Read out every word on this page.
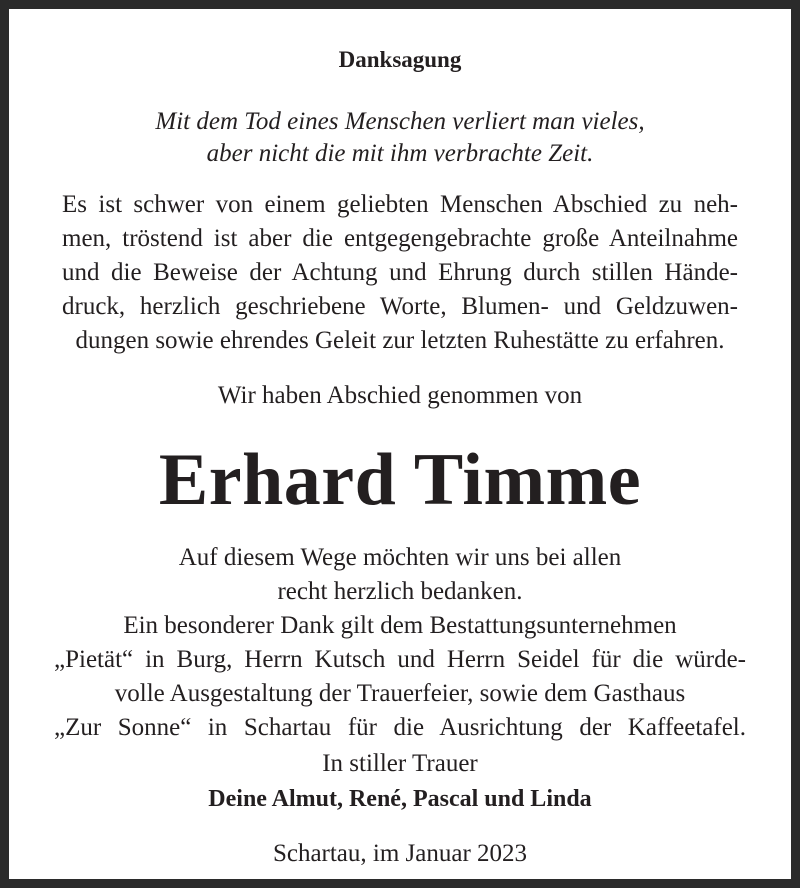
Danksagung
Mit dem Tod eines Menschen verliert man vieles,
aber nicht die mit ihm verbrachte Zeit.
Es ist schwer von einem geliebten Menschen Abschied zu neh-
men, tröstend ist aber die entgegengebrachte große Anteilnahme
und die Beweise der Achtung und Ehrung durch stillen Hände-
druck, herzlich geschriebene Worte, Blumen- und Geldzuwen-
dungen sowie ehrendes Geleit zur letzten Ruhestätte zu erfahren.
Wir haben Abschied genommen von
Erhard Timme
Auf diesem Wege möchten wir uns bei allen
recht herzlich bedanken.
Ein besonderer Dank gilt dem Bestattungsunternehmen
„Pietät“ in Burg, Herrn Kutsch und Herrn Seidel für die würde-
volle Ausgestaltung der Trauerfeier, sowie dem Gasthaus
„Zur Sonne“ in Schartau für die Ausrichtung der Kaffeetafel.
In stiller Trauer
Deine Almut, René, Pascal und Linda
Schartau, im Januar 2023
